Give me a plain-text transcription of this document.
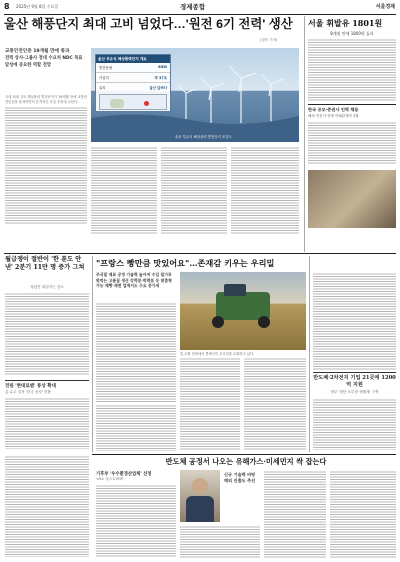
8 2025년 9월 8일 수요일	경제종합	서울경제
울산 해풍단지 최대 고비 넘었다…'원전 6기 전력' 생산
(권욱 기자)
교통안전인증 19개월 만에 통과
전력 상사·그룹사 정대 수요처 NDC 목표 달성에 중요한 역할 전망
국내 최대 규모 해상풍력 발전단지가 19개월 만에 교통안전인증을 통과하면서 본격적인 사업 추진에 나선다.
울산 부유식 해상풍력단지 개요
발전용량	6GW
사업비	약 37조
위치	울산 앞바다
울산 부유식 해상풍력 발전단지 조감도
서울 휘발유 1801원
8개월 만에 1800원 돌파
한국 공모·증권사 인력 채용
해외 전문가·전략 이해관계자 3월
월급쟁이 절반이 '한 푼도 안 낸' 2분기 11만 명 증가 그쳐
청년층 취업자는 감소
전원 '현대로템' 통상 확대
총 수주 실적 '한국 신차' 전환
"프랑스 빵만큼 맛있어요"…존재감 키우는 우리밀
주식밀 재료 공정 기술력 높아져 수입 밀가루 맞먹는 고품질 생산 강력분·박력분 등 맞춤형 가능 제빵·제면 업계서도 수요 증가세
밀 수확 현장에서 콤바인이 우리밀을 수확하고 있다.
반도체·2차전지 기업 21곳에 1200억 지원
정부 '첨단 소부장 생태계' 구축
반도체 공정서 나오는 유해가스·미세먼지 싹 잡는다
기후부 '우수환경산업체' 선정
<5> 올스트라텍
신규 기술력 바탕 해외 진출도 추진
